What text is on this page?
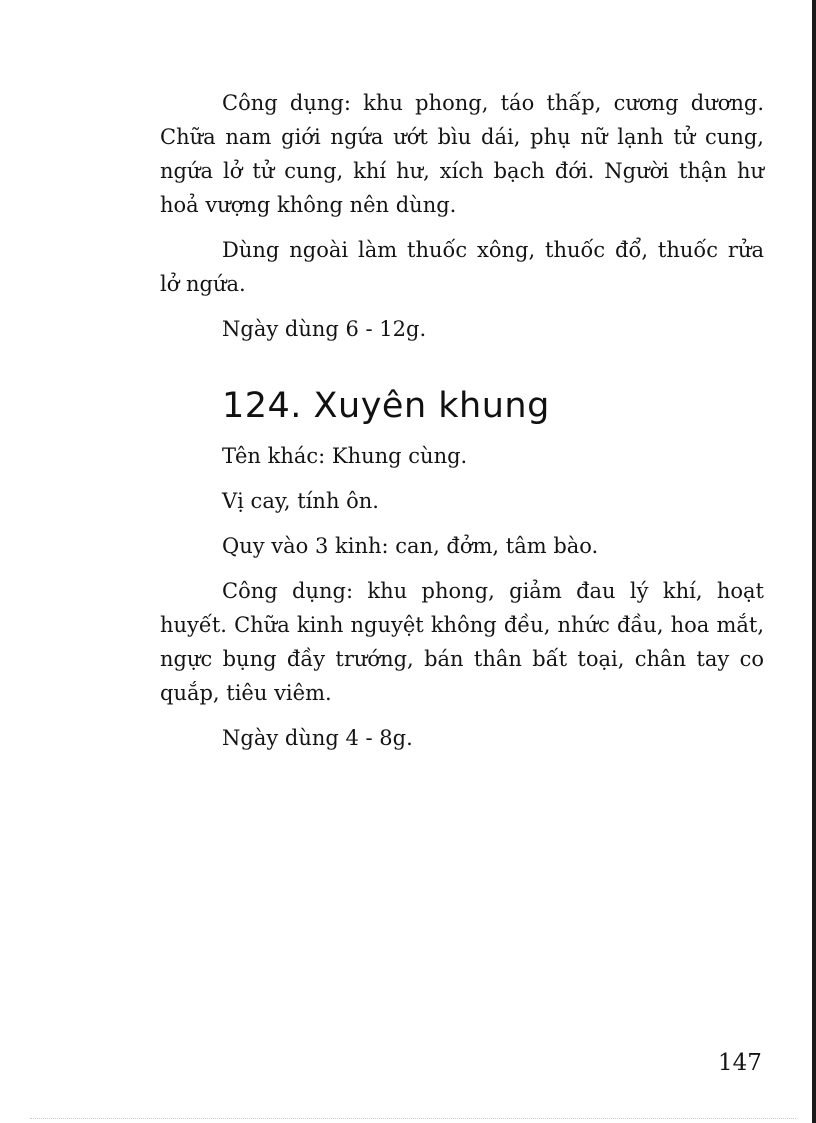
Công dụng: khu phong, táo thấp, cương dương. Chữa nam giới ngứa ướt bìu dái, phụ nữ lạnh tử cung, ngứa lở tử cung, khí hư, xích bạch đới. Người thận hư hoả vượng không nên dùng.

Dùng ngoài làm thuốc xông, thuốc đổ, thuốc rửa lở ngứa.

Ngày dùng 6 - 12g.

124. Xuyên khung

Tên khác: Khung cùng.

Vị cay, tính ôn.

Quy vào 3 kinh: can, đởm, tâm bào.

Công dụng: khu phong, giảm đau lý khí, hoạt huyết. Chữa kinh nguyệt không đều, nhức đầu, hoa mắt, ngực bụng đầy trướng, bán thân bất toại, chân tay co quắp, tiêu viêm.

Ngày dùng 4 - 8g.

147
